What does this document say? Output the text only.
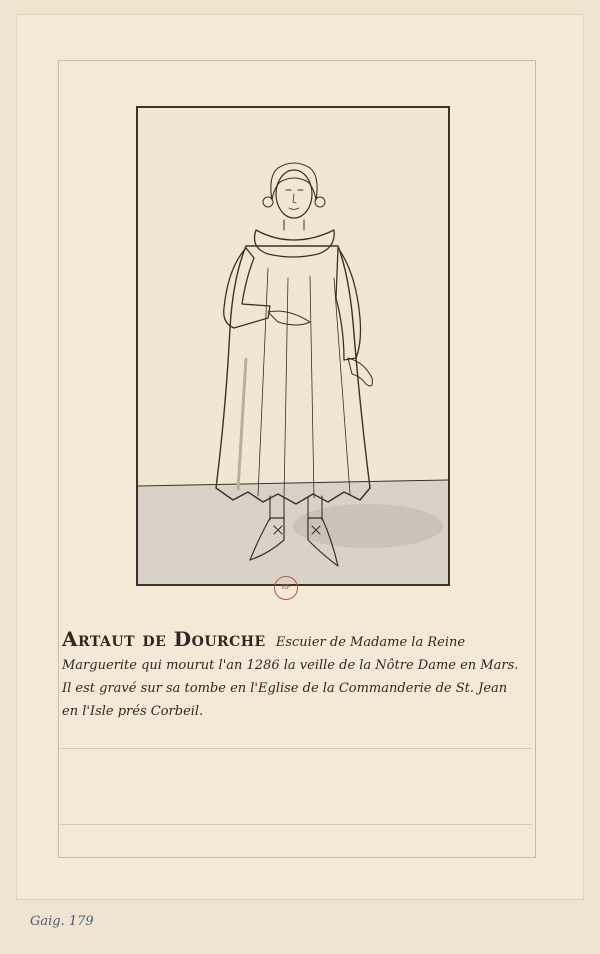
RF
Artaut de Dourche Escuier de Madame la Reine
Marguerite qui mourut l'an 1286 la veille de la Nôtre Dame en Mars.
Il est gravé sur sa tombe en l'Eglise de la Commanderie de St. Jean
en l'Isle prés Corbeil.
Gaig. 179
